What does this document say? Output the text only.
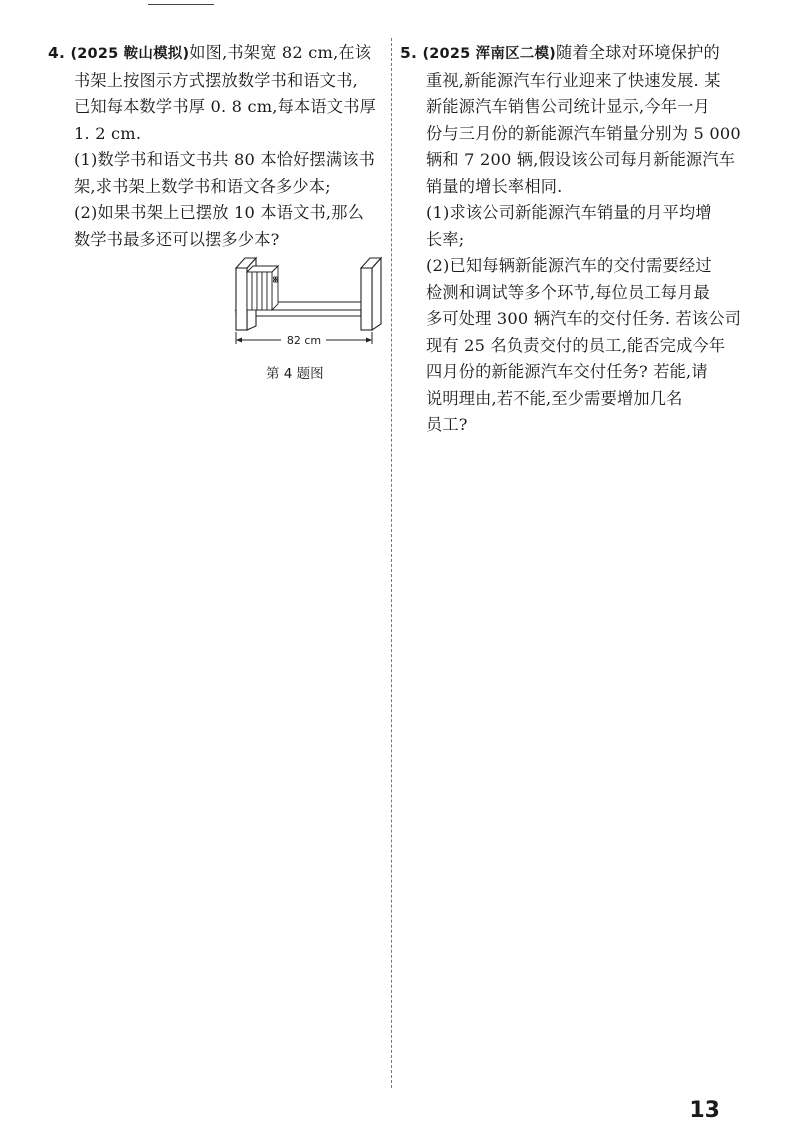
4. (2025 鞍山模拟)如图,书架宽 82 cm,在该

书架上按图示方式摆放数学书和语文书,

已知每本数学书厚 0. 8 cm,每本语文书厚

1. 2 cm.

(1)数学书和语文书共 80 本恰好摆满该书

架,求书架上数学书和语文各多少本;

(2)如果书架上已摆放 10 本语文书,那么

数学书最多还可以摆多少本?

82 cm
第 4 题图

5. (2025 浑南区二模)随着全球对环境保护的

重视,新能源汽车行业迎来了快速发展. 某

新能源汽车销售公司统计显示,今年一月

份与三月份的新能源汽车销量分别为 5 000

辆和 7 200 辆,假设该公司每月新能源汽车

销量的增长率相同.

(1)求该公司新能源汽车销量的月平均增

长率;

(2)已知每辆新能源汽车的交付需要经过

检测和调试等多个环节,每位员工每月最

多可处理 300 辆汽车的交付任务. 若该公司

现有 25 名负责交付的员工,能否完成今年

四月份的新能源汽车交付任务? 若能,请

说明理由,若不能,至少需要增加几名

员工?

13
